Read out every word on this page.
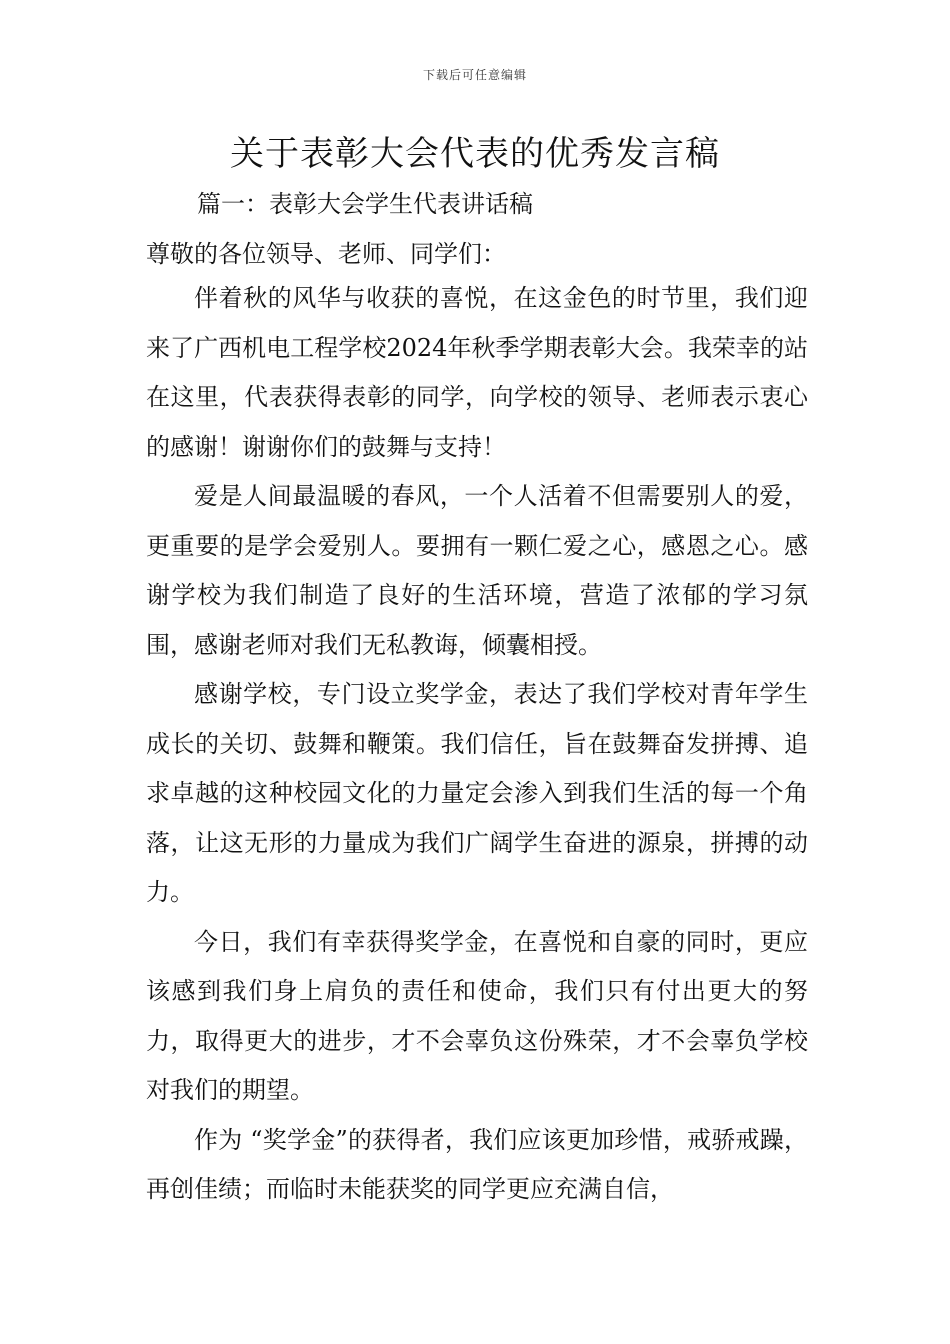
下载后可任意编辑
关于表彰大会代表的优秀发言稿
篇一：表彰大会学生代表讲话稿
尊敬的各位领导、老师、同学们：

伴着秋的风华与收获的喜悦，在这金色的时节里，我们迎来了广西机电工程学校2024年秋季学期表彰大会。我荣幸的站在这里，代表获得表彰的同学，向学校的领导、老师表示衷心的感谢！谢谢你们的鼓舞与支持！

爱是人间最温暖的春风，一个人活着不但需要别人的爱，更重要的是学会爱别人。要拥有一颗仁爱之心，感恩之心。感谢学校为我们制造了良好的生活环境，营造了浓郁的学习氛围，感谢老师对我们无私教诲，倾囊相授。

感谢学校，专门设立奖学金，表达了我们学校对青年学生成长的关切、鼓舞和鞭策。我们信任，旨在鼓舞奋发拼搏、追求卓越的这种校园文化的力量定会渗入到我们生活的每一个角落，让这无形的力量成为我们广阔学生奋进的源泉，拼搏的动力。

今日，我们有幸获得奖学金，在喜悦和自豪的同时，更应该感到我们身上肩负的责任和使命，我们只有付出更大的努力，取得更大的进步，才不会辜负这份殊荣，才不会辜负学校对我们的期望。

作为 “奖学金”的获得者，我们应该更加珍惜，戒骄戒躁，再创佳绩；而临时未能获奖的同学更应充满自信，
